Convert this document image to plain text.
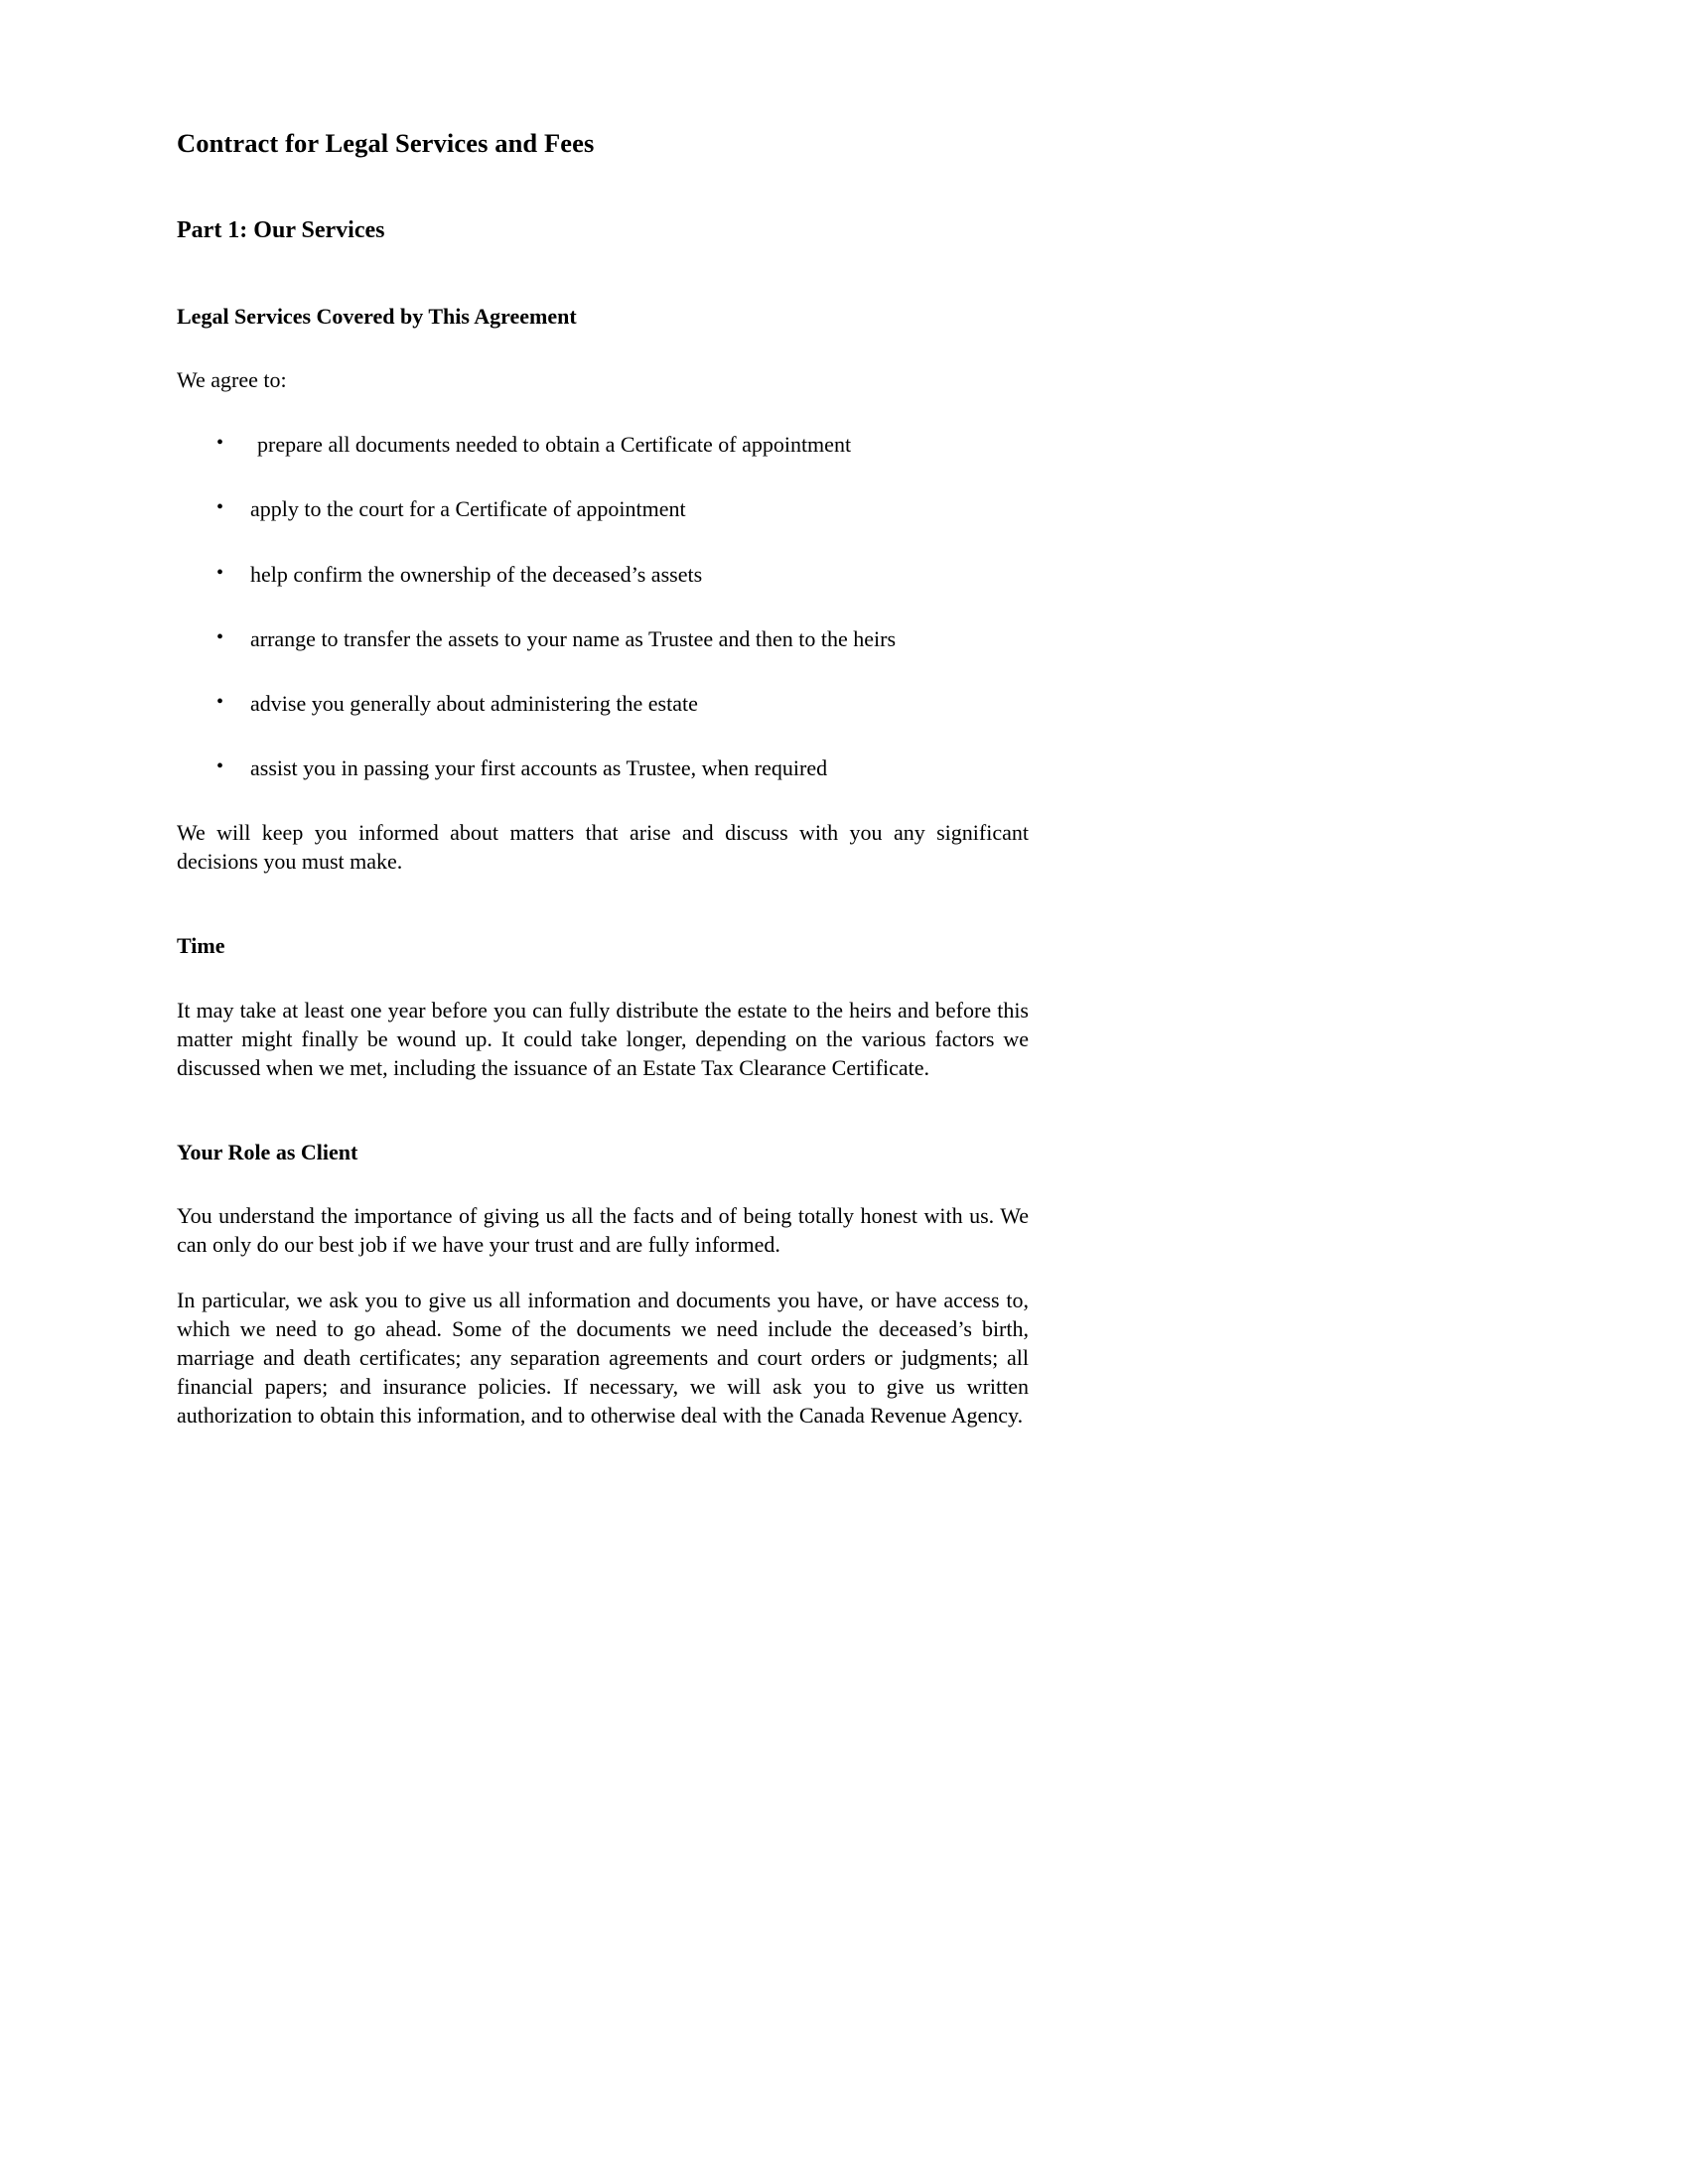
Contract for Legal Services and Fees
Part 1: Our Services
Legal Services Covered by This Agreement

We agree to:

• prepare all documents needed to obtain a Certificate of appointment
• apply to the court for a Certificate of appointment
• help confirm the ownership of the deceased’s assets
• arrange to transfer the assets to your name as Trustee and then to the heirs
• advise you generally about administering the estate
• assist you in passing your first accounts as Trustee, when required

We will keep you informed about matters that arise and discuss with you any significant decisions you must make.

Time

It may take at least one year before you can fully distribute the estate to the heirs and before this matter might finally be wound up. It could take longer, depending on the various factors we discussed when we met, including the issuance of an Estate Tax Clearance Certificate.

Your Role as Client

You understand the importance of giving us all the facts and of being totally honest with us. We can only do our best job if we have your trust and are fully informed.

In particular, we ask you to give us all information and documents you have, or have access to, which we need to go ahead. Some of the documents we need include the deceased’s birth, marriage and death certificates; any separation agreements and court orders or judgments; all financial papers; and insurance policies. If necessary, we will ask you to give us written authorization to obtain this information, and to otherwise deal with the Canada Revenue Agency.
